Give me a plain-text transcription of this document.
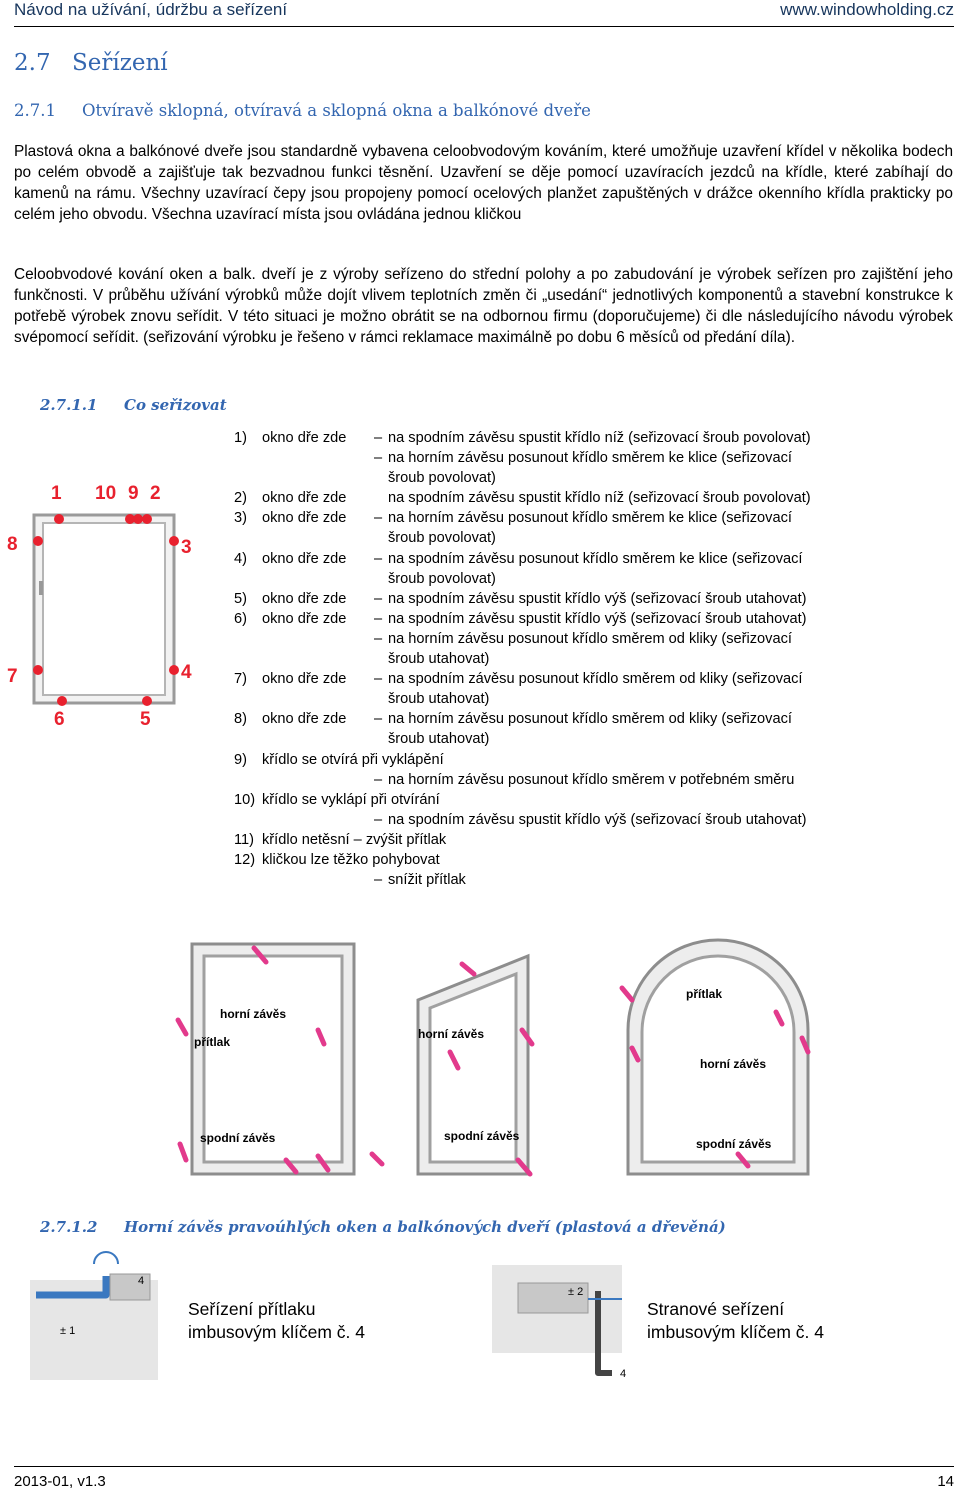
Návod na užívání, údržbu a seřízení	www.windowholding.cz
2.7 Seřízení
2.7.1 Otvíravě sklopná, otvíravá a sklopná okna a balkónové dveře
Plastová okna a balkónové dveře jsou standardně vybavena celoobvodovým kováním, které umožňuje uzavření křídel v několika bodech po celém obvodě a zajišťuje tak bezvadnou funkci těsnění. Uzavření se děje pomocí uzavíracích jezdců na křídle, které zabíhají do kamenů na rámu. Všechny uzavírací čepy jsou propojeny pomocí ocelových planžet zapuštěných v drážce okenního křídla prakticky po celém jeho obvodu. Všechna uzavírací místa jsou ovládána jednou kličkou
Celoobvodové kování oken a balk. dveří je z výroby seřízeno do střední polohy a po zabudování je výrobek seřízen pro zajištění jeho funkčnosti. V průběhu užívání výrobků může dojít vlivem teplotních změn či „usedání“ jednotlivých komponentů a stavební konstrukce k potřebě výrobek znovu seřídit. V této situaci je možno obrátit se na odbornou firmu (doporučujeme) či dle následujícího návodu výrobek svépomocí seřídit. (seřizování výrobku je řešeno v rámci reklamace maximálně po dobu 6 měsíců od předání díla).
2.7.1.1 Co seřizovat
1 10 9 2
8	3
7	4
6	5
1) okno dře zde – na spodním závěsu spustit křídlo níž (seřizovací šroub povolovat)
– na horním závěsu posunout křídlo směrem ke klice (seřizovací
šroub povolovat)
2) okno dře zde	na spodním závěsu spustit křídlo níž (seřizovací šroub povolovat)
3) okno dře zde – na horním závěsu posunout křídlo směrem ke klice (seřizovací
šroub povolovat)
4) okno dře zde – na spodním závěsu posunout křídlo směrem ke klice (seřizovací
šroub povolovat)
5) okno dře zde – na spodním závěsu spustit křídlo výš (seřizovací šroub utahovat)
6) okno dře zde – na spodním závěsu spustit křídlo výš (seřizovací šroub utahovat)
– na horním závěsu posunout křídlo směrem od kliky (seřizovací
šroub utahovat)
7) okno dře zde – na spodním závěsu posunout křídlo směrem od kliky (seřizovací
šroub utahovat)
8) okno dře zde – na horním závěsu posunout křídlo směrem od kliky (seřizovací
šroub utahovat)
9) křídlo se otvírá při vyklápění
– na horním závěsu posunout křídlo směrem v potřebném směru
10) křídlo se vyklápí při otvírání
– na spodním závěsu spustit křídlo výš (seřizovací šroub utahovat)
11) křídlo netěsní – zvýšit přítlak
12) kličkou lze těžko pohybovat
– snížit přítlak
horní závěs
přítlak
spodní závěs
horní závěs
spodní závěs
přítlak
horní závěs
spodní závěs
2.7.1.2 Horní závěs pravoúhlých oken a balkónových dveří (plastová a dřevěná)
4
± 1
Seřízení přítlaku
imbusovým klíčem č. 4
± 2
4
Stranové seřízení
imbusovým klíčem č. 4
2013-01, v1.3	14
